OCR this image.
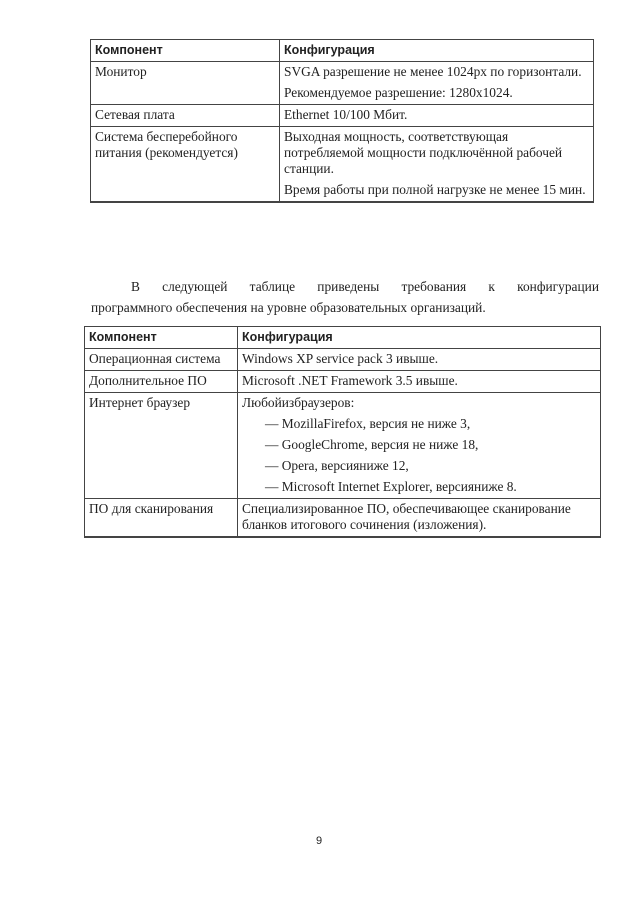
Компонент	Конфигурация
Монитор	SVGA разрешение не менее 1024px по горизонтали.
Рекомендуемое разрешение: 1280x1024.

Сетевая плата	Ethernet 10/100 Мбит.

Система бесперебойного питания (рекомендуется)	Выходная мощность, соответствующая потребляемой мощности подключённой рабочей станции.
Время работы при полной нагрузке не менее 15 мин.
В следующей таблице приведены требования к конфигурации
программного обеспечения на уровне образовательных организаций.
Компонент	Конфигурация
Операционная система	Windows XP service pack 3 ивыше.
Дополнительное ПО	Microsoft .NET Framework 3.5 ивыше.
Интернет браузер	Любойизбраузеров:
— MozillaFirefox, версия не ниже 3,
— GoogleChrome, версия не ниже 18,
— Opera, версияниже 12,
— Microsoft Internet Explorer, версияниже 8.

ПО для сканирования	Специализированное ПО, обеспечивающее сканирование бланков итогового сочинения (изложения).
9
